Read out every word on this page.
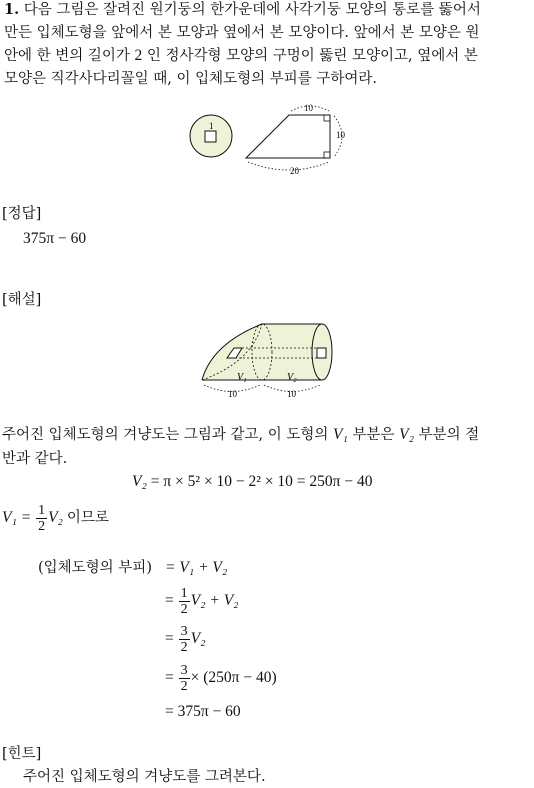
1. 다음 그림은 잘려진 원기둥의 한가운데에 사각기둥 모양의 통로를 뚫어서
만든 입체도형을 앞에서 본 모양과 옆에서 본 모양이다. 앞에서 본 모양은 원
안에 한 변의 길이가 2 인 정사각형 모양의 구멍이 뚫린 모양이고, 옆에서 본
모양은 직각사다리꼴일 때, 이 입체도형의 부피를 구하여라.
1
10
10
20
[정답]
375π − 60
[해설]
V₁	V₂
10	10
주어진 입체도형의 겨냥도는 그림과 같고, 이 도형의 V₁ 부분은 V₂ 부분의 절
반과 같다.
V₂ = π × 5² × 10 − 2² × 10 = 250π − 40
$V_1 = \frac{1}{2} V_2$ 이므로
(입체도형의 부피) = V₁ + V₂
= $\frac{1}{2} V_2 + V_2$
= $\frac{3}{2} V_2$
= $\frac{3}{2} \times (250\pi - 40)$
= 375π − 60
[힌트]
주어진 입체도형의 겨냥도를 그려본다.
